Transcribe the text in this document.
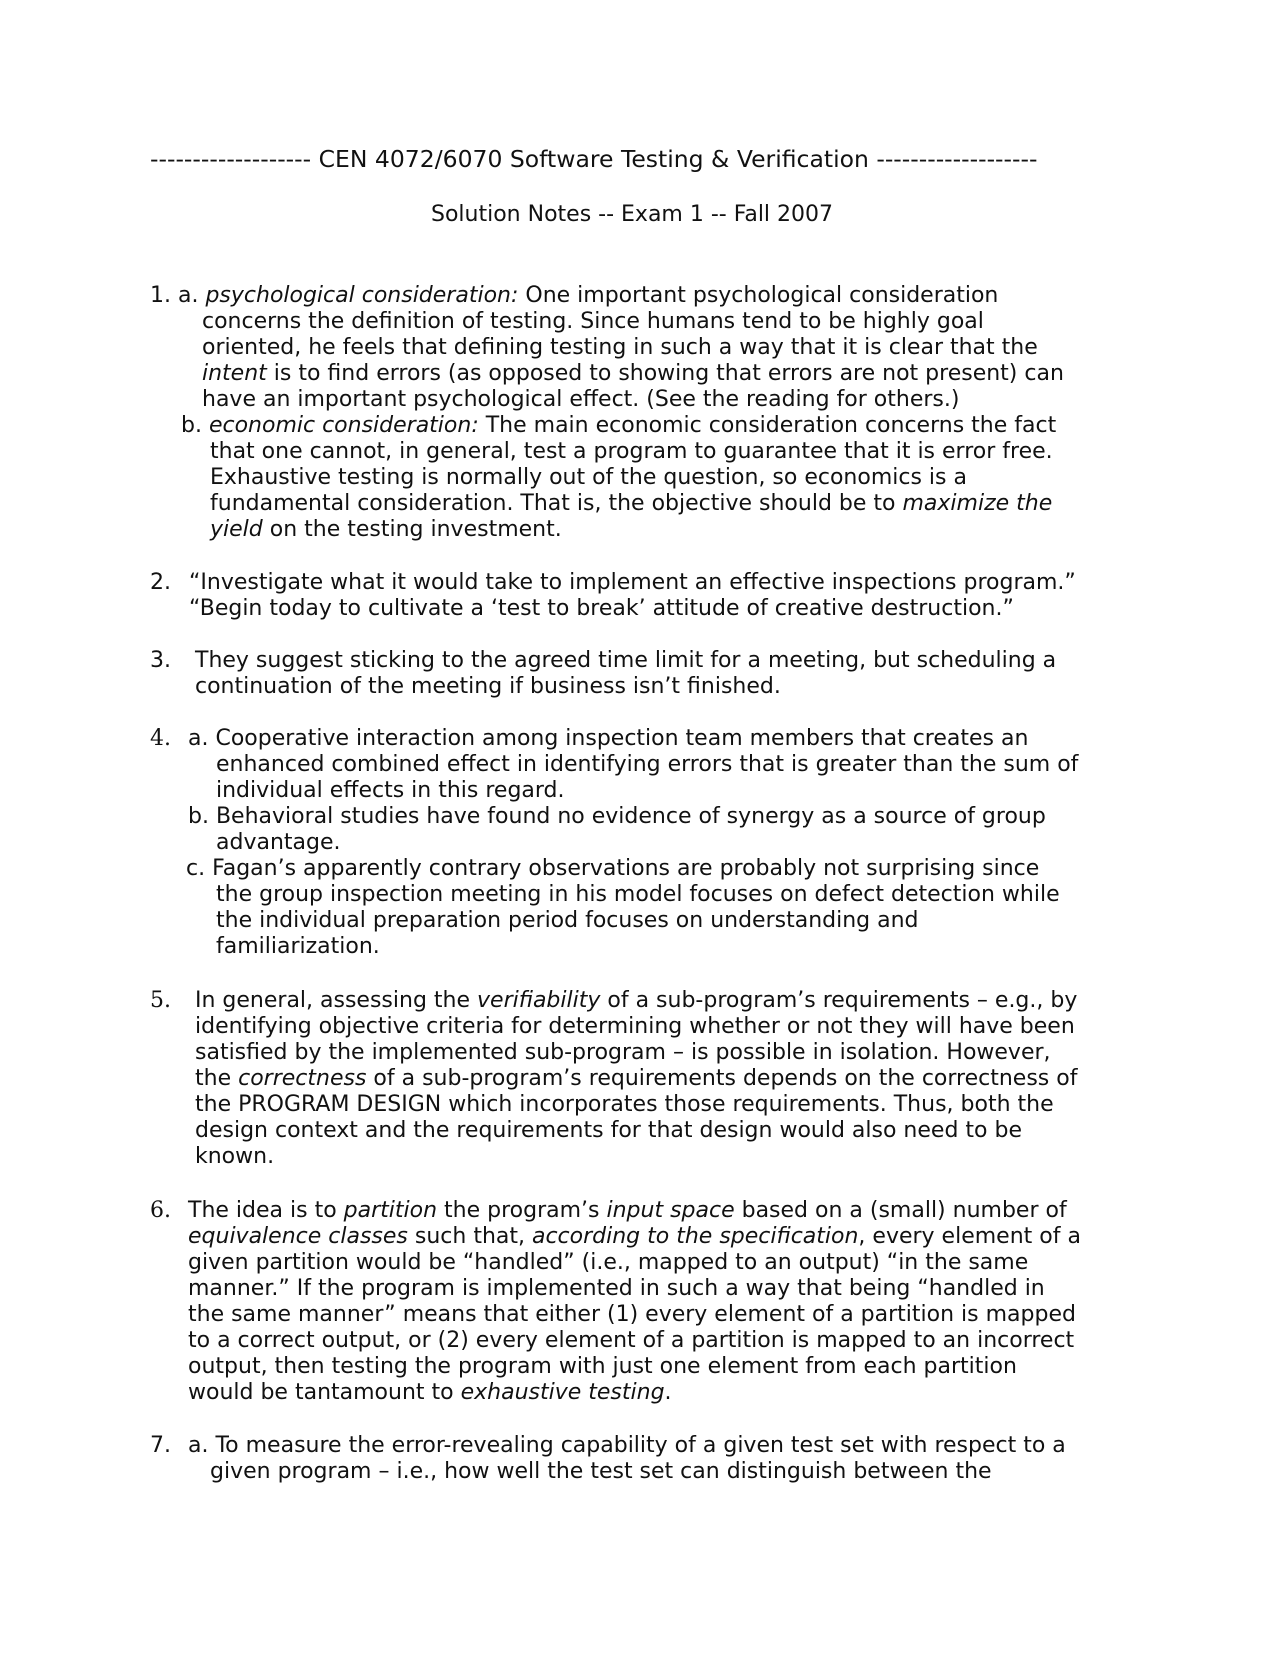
------------------- CEN 4072/6070 Software Testing & Verification -------------------
Solution Notes -- Exam 1 -- Fall 2007
1. a. psychological consideration: One important psychological consideration
concerns the definition of testing. Since humans tend to be highly goal
oriented, he feels that defining testing in such a way that it is clear that the
intent is to find errors (as opposed to showing that errors are not present) can
have an important psychological effect. (See the reading for others.)
b. economic consideration: The main economic consideration concerns the fact
that one cannot, in general, test a program to guarantee that it is error free.
Exhaustive testing is normally out of the question, so economics is a
fundamental consideration. That is, the objective should be to maximize the
yield on the testing investment.
2. “Investigate what it would take to implement an effective inspections program.”
“Begin today to cultivate a ‘test to break’ attitude of creative destruction.”
3. They suggest sticking to the agreed time limit for a meeting, but scheduling a
continuation of the meeting if business isn’t finished.
4. a. Cooperative interaction among inspection team members that creates an
enhanced combined effect in identifying errors that is greater than the sum of
individual effects in this regard.
b. Behavioral studies have found no evidence of synergy as a source of group
advantage.
c. Fagan’s apparently contrary observations are probably not surprising since
the group inspection meeting in his model focuses on defect detection while
the individual preparation period focuses on understanding and
familiarization.
5. In general, assessing the verifiability of a sub-program’s requirements – e.g., by
identifying objective criteria for determining whether or not they will have been
satisfied by the implemented sub-program – is possible in isolation. However,
the correctness of a sub-program’s requirements depends on the correctness of
the PROGRAM DESIGN which incorporates those requirements. Thus, both the
design context and the requirements for that design would also need to be
known.
6. The idea is to partition the program’s input space based on a (small) number of
equivalence classes such that, according to the specification, every element of a
given partition would be “handled” (i.e., mapped to an output) “in the same
manner.” If the program is implemented in such a way that being “handled in
the same manner” means that either (1) every element of a partition is mapped
to a correct output, or (2) every element of a partition is mapped to an incorrect
output, then testing the program with just one element from each partition
would be tantamount to exhaustive testing.
7. a. To measure the error-revealing capability of a given test set with respect to a
given program – i.e., how well the test set can distinguish between the
